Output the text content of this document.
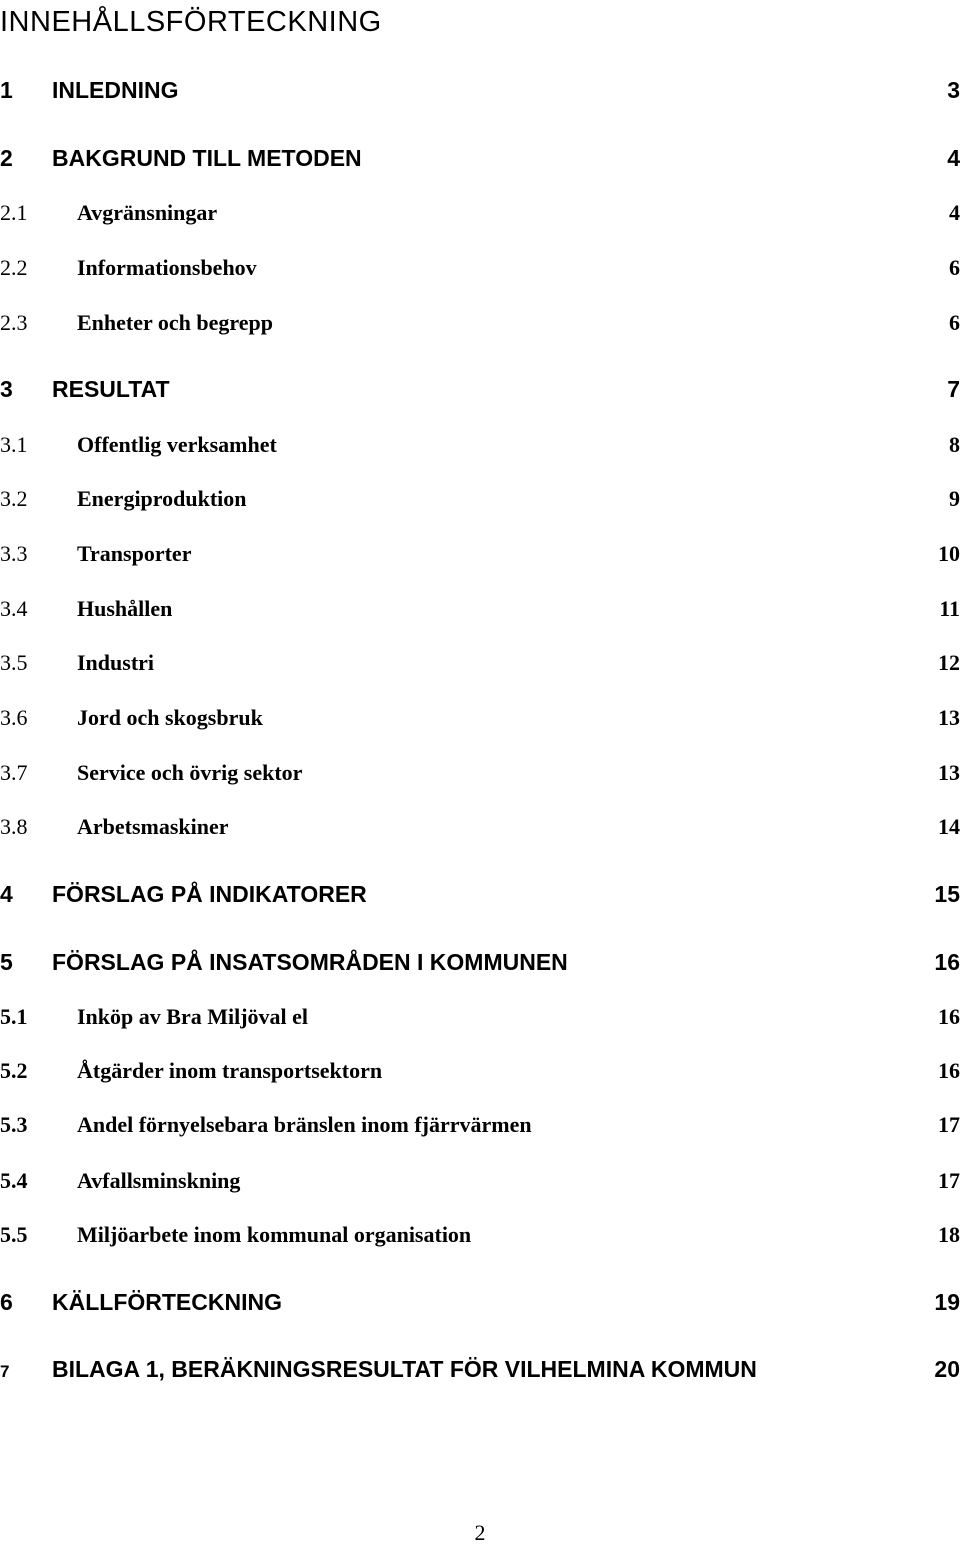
INNEHÅLLSFÖRTECKNING
1	INLEDNING	3
2	BAKGRUND TILL METODEN	4
2.1	Avgränsningar	4
2.2	Informationsbehov	6
2.3	Enheter och begrepp	6
3	RESULTAT	7
3.1	Offentlig verksamhet	8
3.2	Energiproduktion	9
3.3	Transporter	10
3.4	Hushållen	11
3.5	Industri	12
3.6	Jord och skogsbruk	13
3.7	Service och övrig sektor	13
3.8	Arbetsmaskiner	14
4	FÖRSLAG PÅ INDIKATORER	15
5	FÖRSLAG PÅ INSATSOMRÅDEN I KOMMUNEN	16
5.1	Inköp av Bra Miljöval el	16
5.2	Åtgärder inom transportsektorn	16
5.3	Andel förnyelsebara bränslen inom fjärrvärmen	17
5.4	Avfallsminskning	17
5.5	Miljöarbete inom kommunal organisation	18
6	KÄLLFÖRTECKNING	19
7	BILAGA 1, BERÄKNINGSRESULTAT FÖR VILHELMINA KOMMUN	20
2
